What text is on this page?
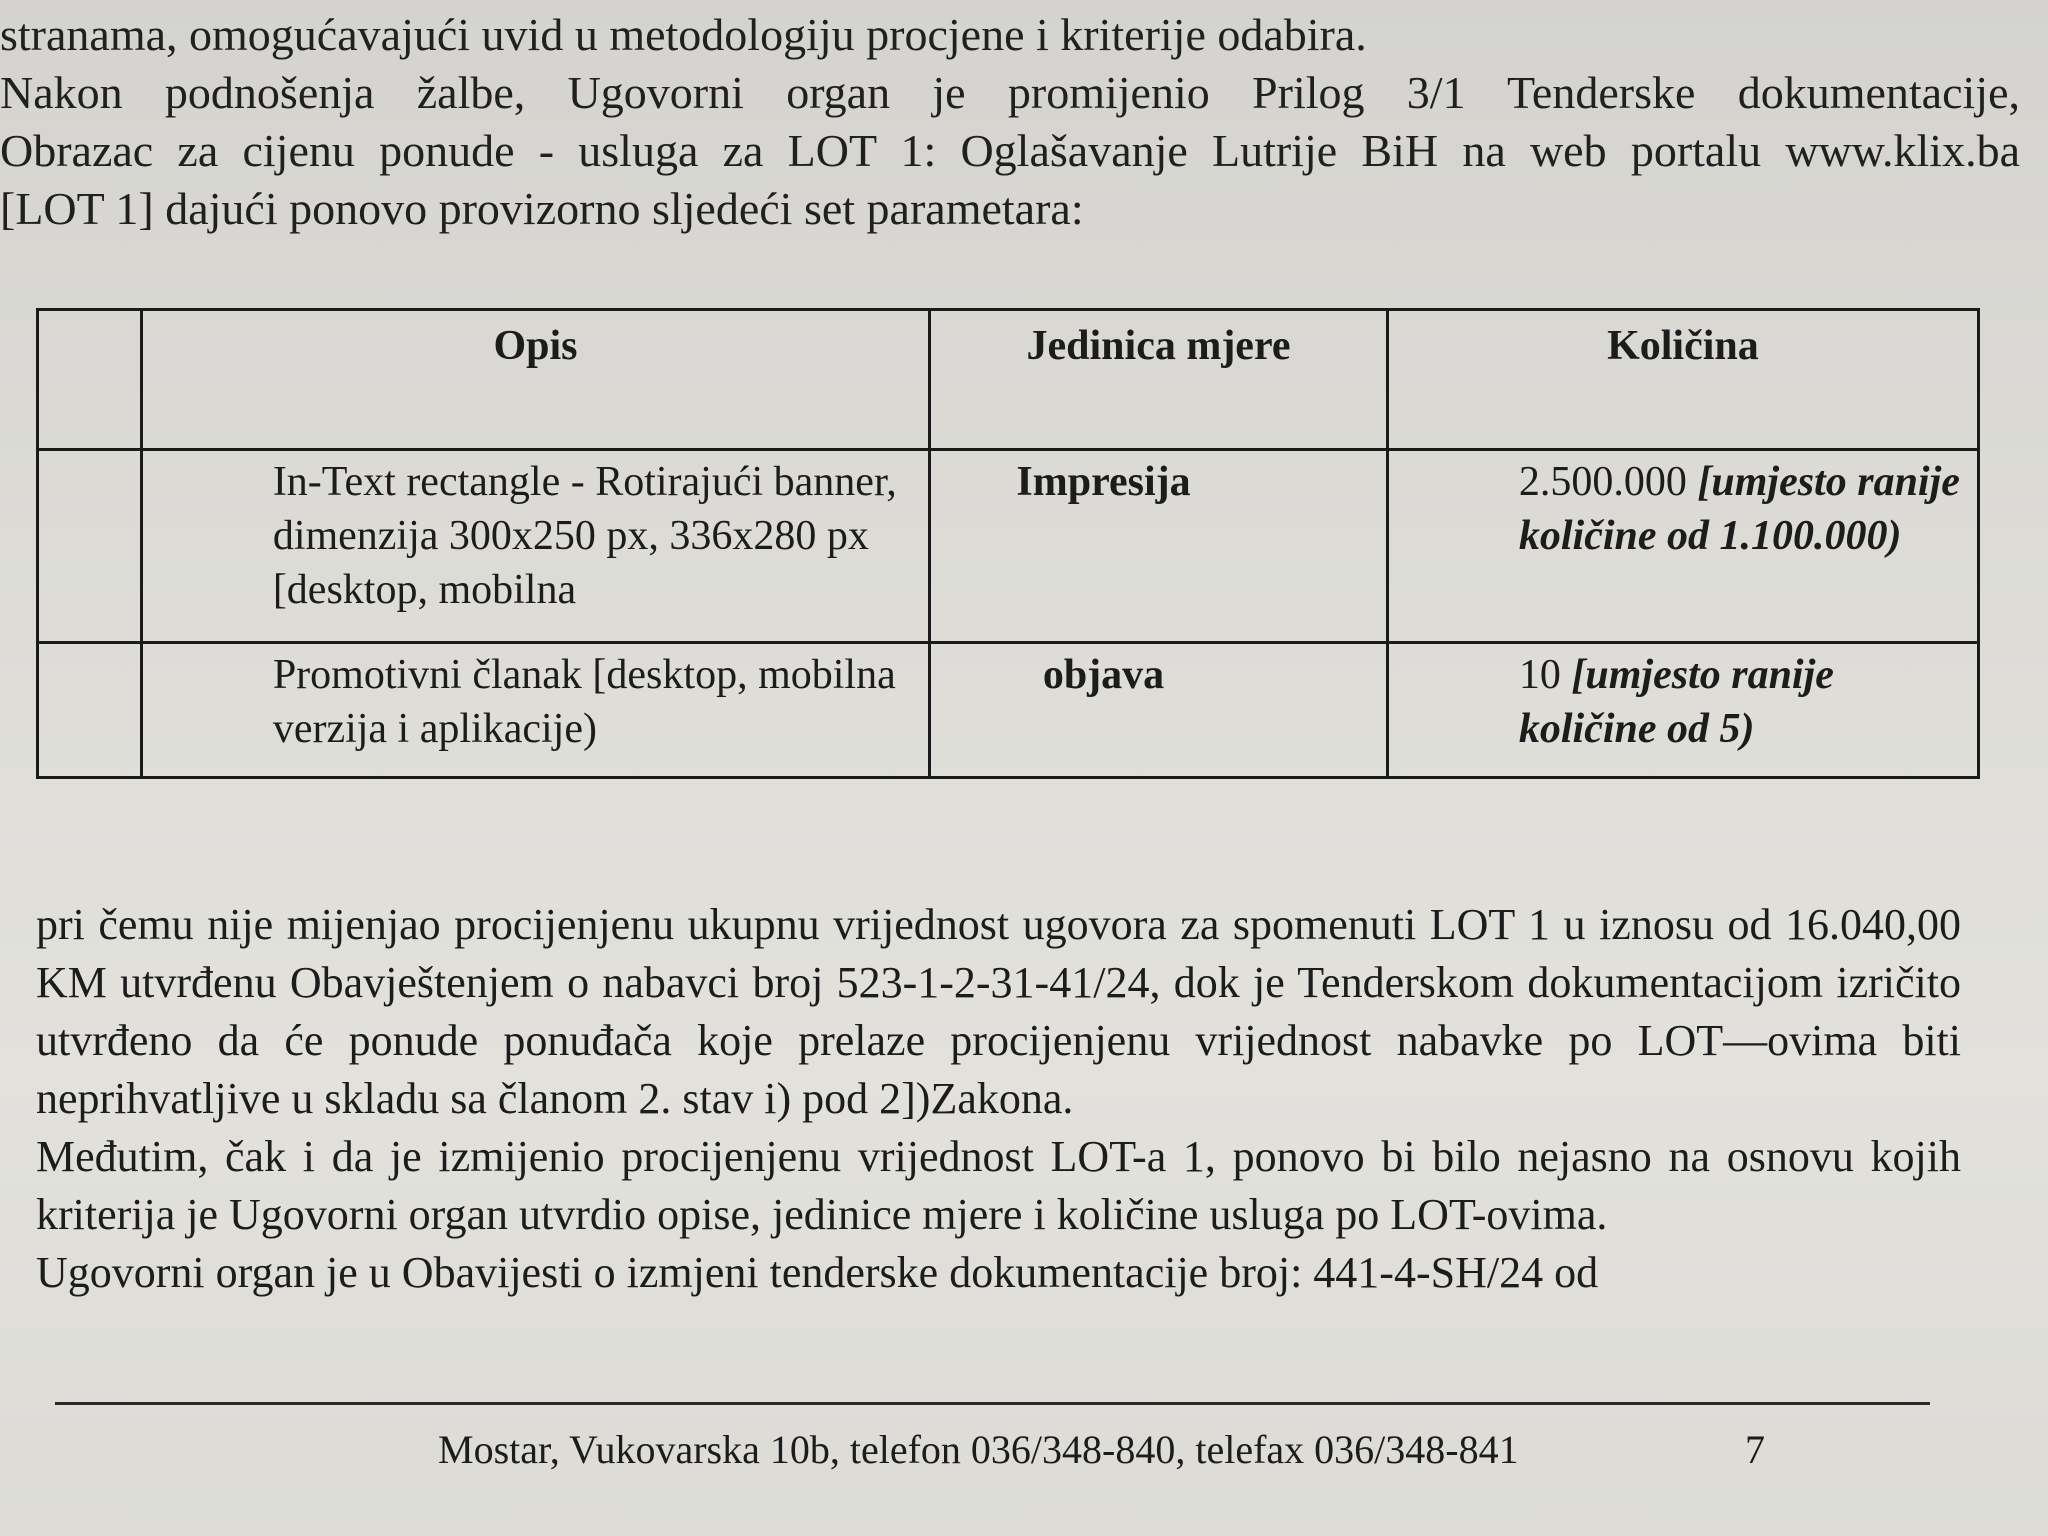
stranama, omogućavajući uvid u metodologiju procjene i kriterije odabira.

Nakon podnošenja žalbe, Ugovorni organ je promijenio Prilog 3/1 Tenderske dokumentacije,

Obrazac za cijenu ponude - usluga za LOT 1: Oglašavanje Lutrije BiH na web portalu www.klix.ba

[LOT 1] dajući ponovo provizorno sljedeći set parametara:

	Opis	Jedinica mjere	Količina
	In-Text rectangle - Rotirajući banner, dimenzija 300x250 px, 336x280 px [desktop, mobilna	Impresija	2.500.000 [umjesto ranije količine od 1.100.000)
	Promotivni članak [desktop, mobilna verzija i aplikacije)	objava	10 [umjesto ranije količine od 5)

pri čemu nije mijenjao procijenjenu ukupnu vrijednost ugovora za spomenuti LOT 1 u iznosu od 16.040,00 KM utvrđenu Obavještenjem o nabavci broj 523-1-2-31-41/24, dok je Tenderskom dokumentacijom izričito utvrđeno da će ponude ponuđača koje prelaze procijenjenu vrijednost nabavke po LOT—ovima biti neprihvatljive u skladu sa članom 2. stav i) pod 2])Zakona.

Međutim, čak i da je izmijenio procijenjenu vrijednost LOT-a 1, ponovo bi bilo nejasno na osnovu kojih kriterija je Ugovorni organ utvrdio opise, jedinice mjere i količine usluga po LOT-ovima.

Ugovorni organ je u Obavijesti o izmjeni tenderske dokumentacije broj: 441-4-SH/24 od

Mostar, Vukovarska 10b, telefon 036/348-840, telefax 036/348-841	7
